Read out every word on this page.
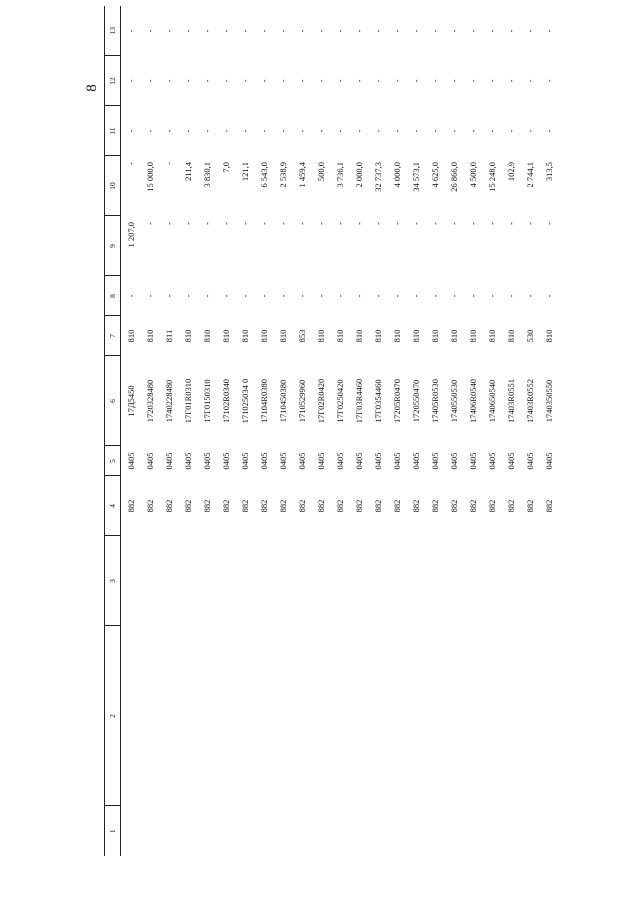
8
1	2	3	4	5	6	7	8	9	10	11	12	13
			882	0405	17Д5450	810	-	1 207,0	-	-	-	-
			882	0405	1720328480	810	-	-	15 000,0	-	-	-
			882	0405	1740228480	811	-	-	-	-	-	-
			882	0405	17Г01R0310	810	-	-	211,4	-	-	-
			882	0405	17Г0150310	810	-	-	3 830,1	-	-	-
			882	0405	17102R0340	810	-	-	7,0	-	-	-
			882	0405	171025034 0	810	-	-	121,1	-	-	-
			882	0405	17104R0380	810	-	-	6 543,0	-	-	-
			882	0405	1710450380	810	-	-	2 538,9	-	-	-
			882	0405	1710529960	853	-	-	1 459,4	-	-	-
			882	0405	17Г02R0420	810	-	-	500,0	-	-	-
			882	0405	17Г0250420	810	-	-	3 736,1	-	-	-
			882	0405	17Г03R4460	810	-	-	2 000,0	-	-	-
			882	0405	17Г0354460	810	-	-	32 737,3	-	-	-
			882	0405	17205R0470	810	-	-	4 000,0	-	-	-
			882	0405	1720550470	810	-	-	34 573,1	-	-	-
			882	0405	17405R0530	810	-	-	4 625,0	-	-	-
			882	0405	1740550530	810	-	-	26 866,0	-	-	-
			882	0405	17406R0540	810	-	-	4 500,0	-	-	-
			882	0405	1740650540	810	-	-	15 248,0	-	-	-
			882	0405	17403R0551	810	-	-	102,9	-	-	-
			882	0405	17403R0552	530	-	-	2 744,1	-	-	-
			882	0405	1740350550	810	-	-	313,5	-	-	-
